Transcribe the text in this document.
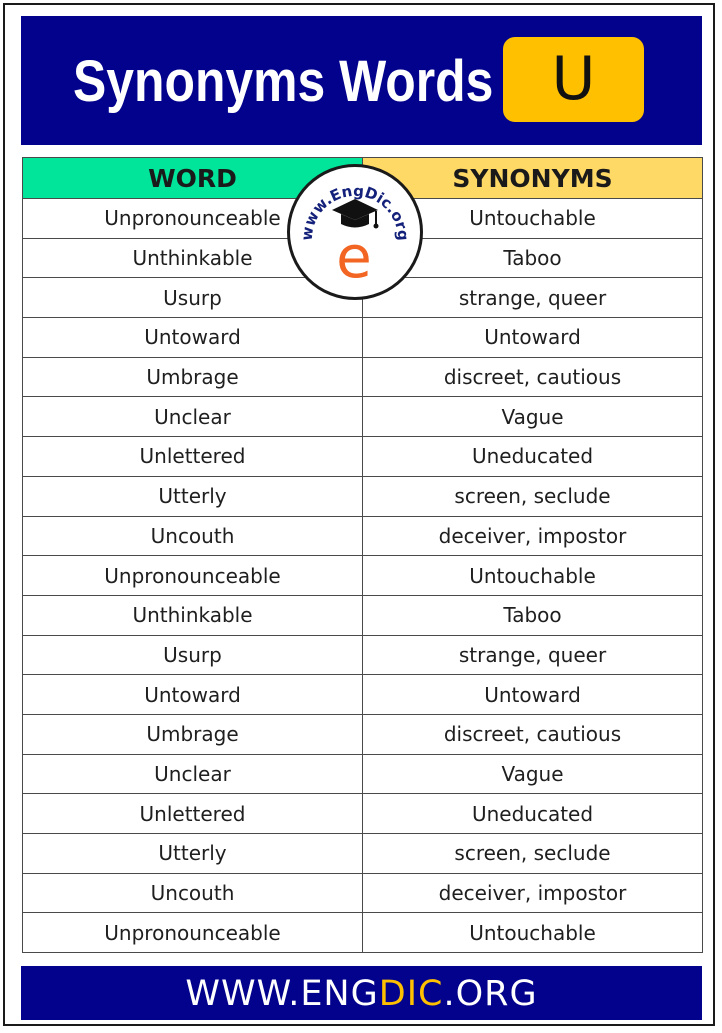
Synonyms Words U
WORD	SYNONYMS
Unpronounceable	Untouchable
Unthinkable	Taboo
Usurp	strange, queer
Untoward	Untoward
Umbrage	discreet, cautious
Unclear	Vague
Unlettered	Uneducated
Utterly	screen, seclude
Uncouth	deceiver, impostor
Unpronounceable	Untouchable
Unthinkable	Taboo
Usurp	strange, queer
Untoward	Untoward
Umbrage	discreet, cautious
Unclear	Vague
Unlettered	Uneducated
Utterly	screen, seclude
Uncouth	deceiver, impostor
Unpronounceable	Untouchable
www.EngDic.org
e
WWW.ENGDIC.ORG
